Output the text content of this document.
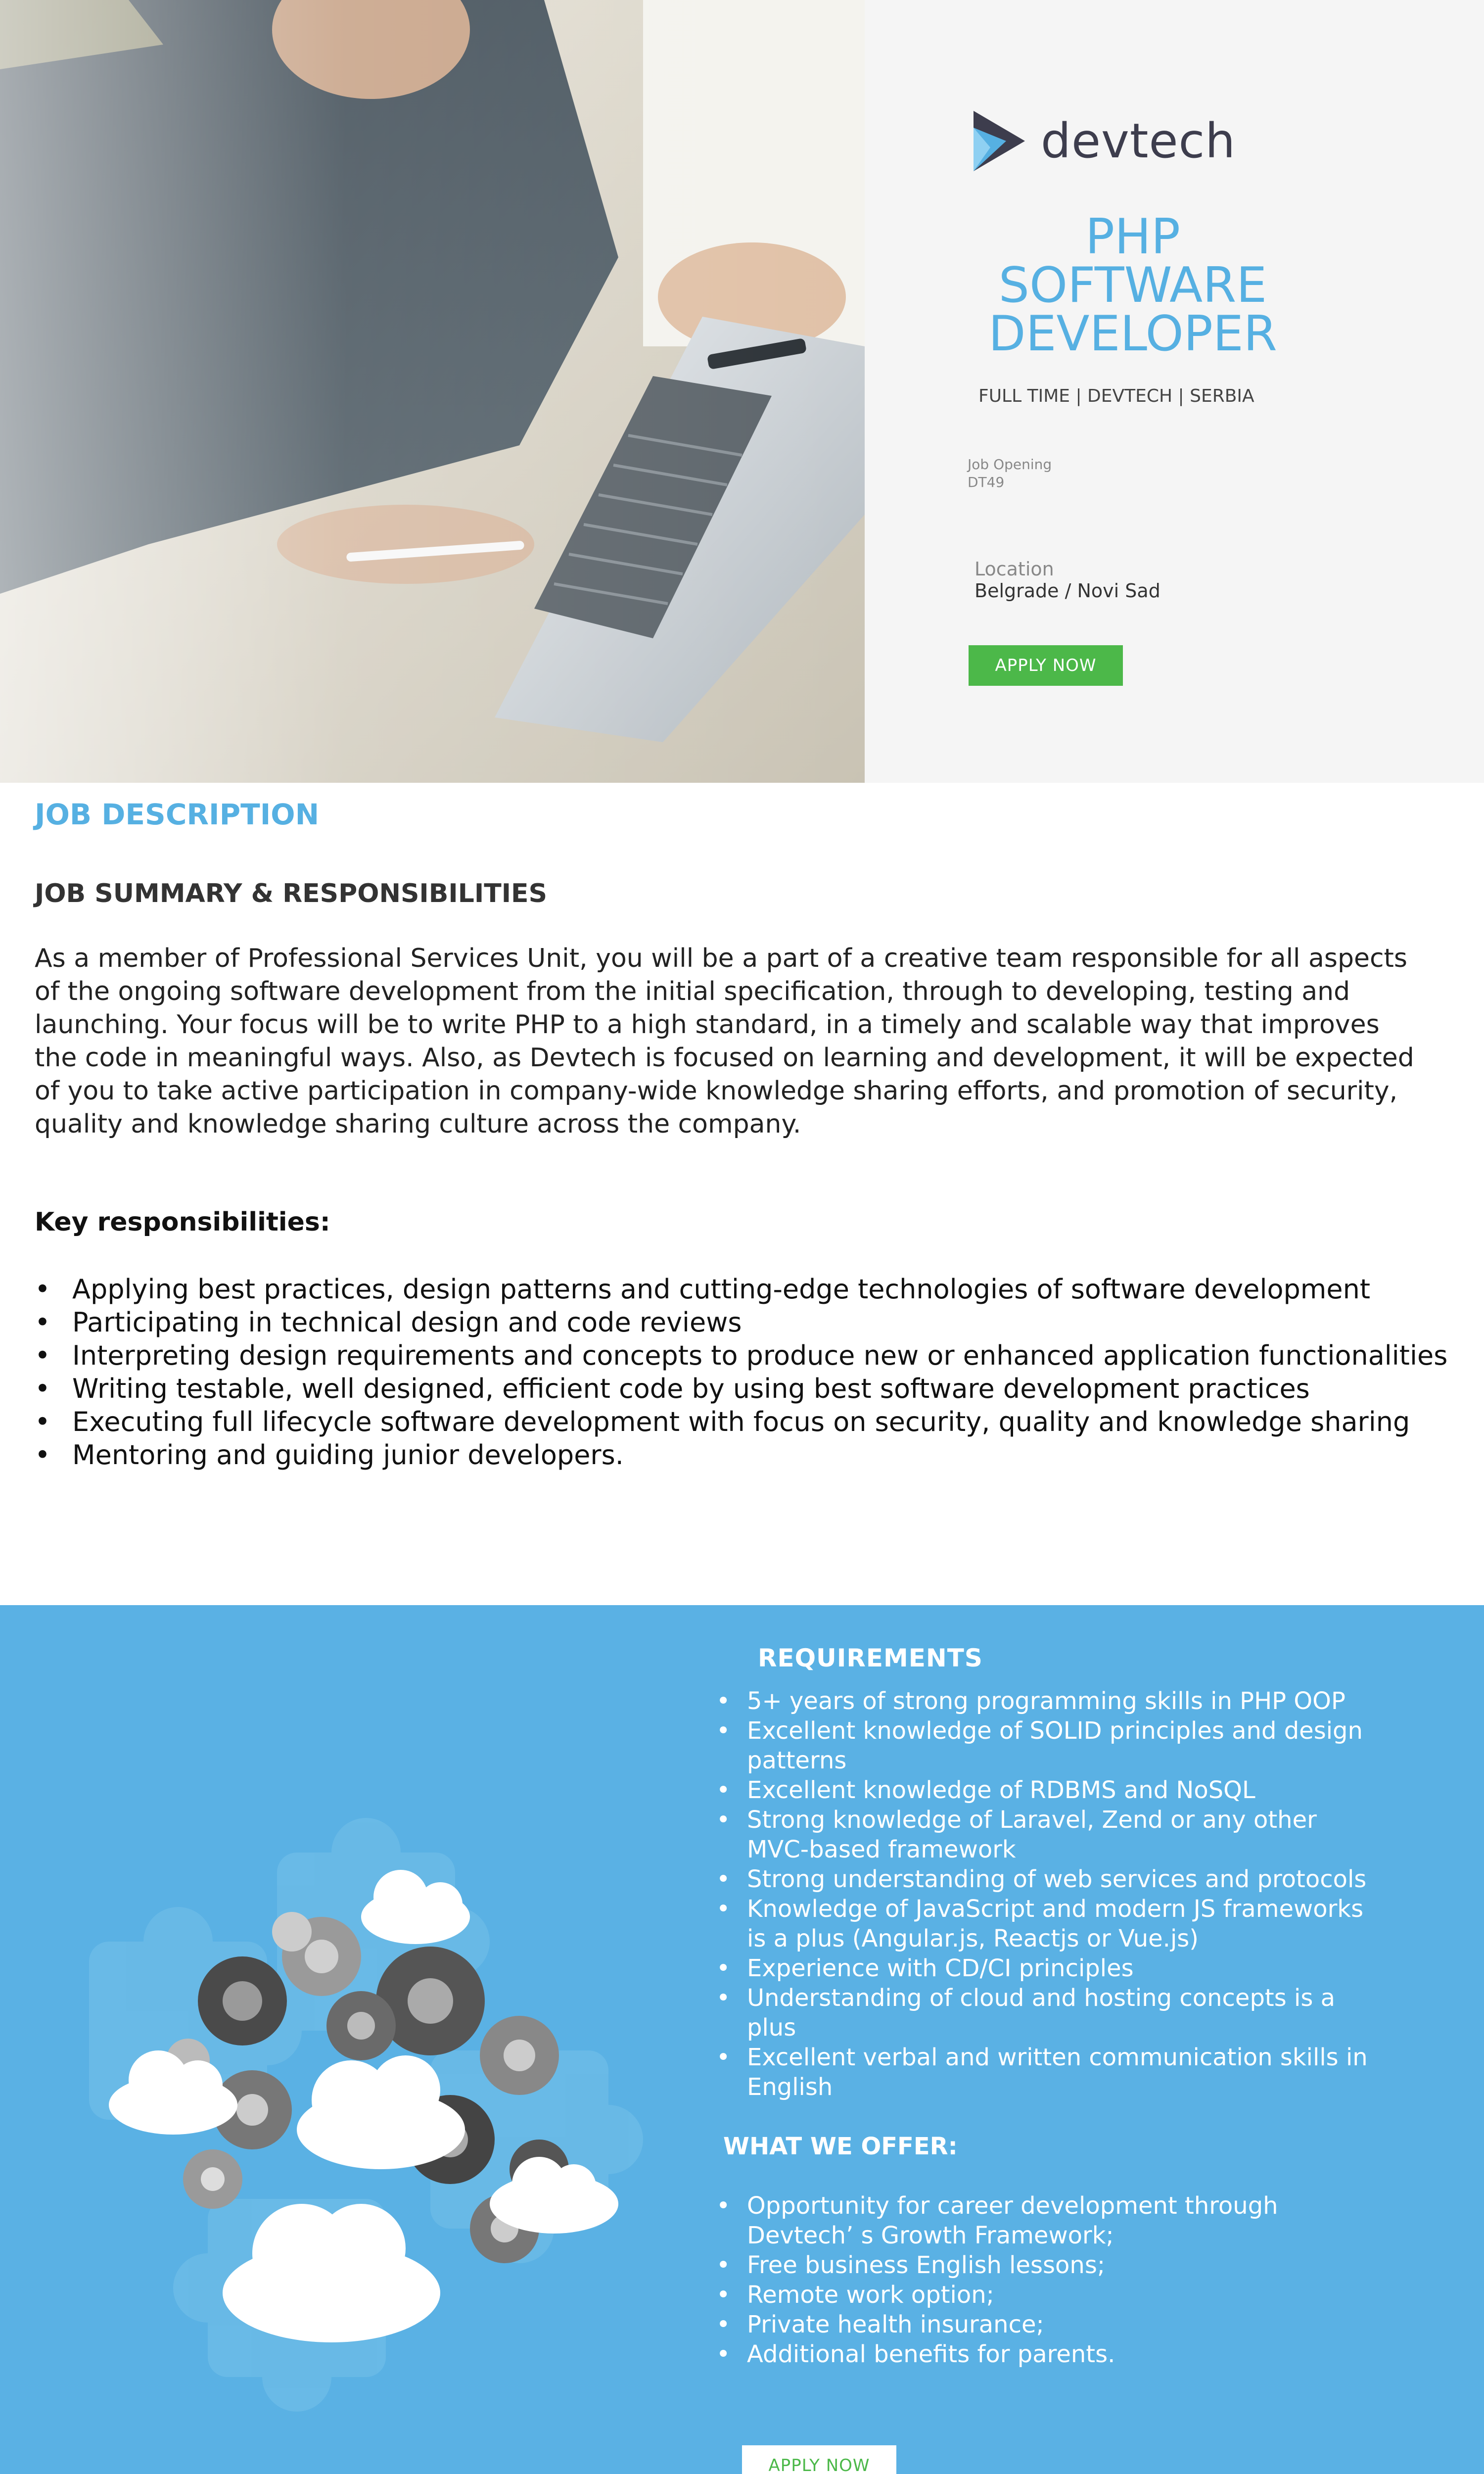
devtech
PHP
SOFTWARE
DEVELOPER
FULL TIME | DEVTECH | SERBIA
Job Opening
DT49
Location
Belgrade / Novi Sad
APPLY NOW
JOB DESCRIPTION
JOB SUMMARY & RESPONSIBILITIES

As a member of Professional Services Unit, you will be a part of a creative team responsible for all aspects of the ongoing software development from the initial specification, through to developing, testing and launching. Your focus will be to write PHP to a high standard, in a timely and scalable way that improves the code in meaningful ways. Also, as Devtech is focused on learning and development, it will be expected of you to take active participation in company-wide knowledge sharing efforts, and promotion of security, quality and knowledge sharing culture across the company.

Key responsibilities:
• Applying best practices, design patterns and cutting-edge technologies of software development
• Participating in technical design and code reviews
• Interpreting design requirements and concepts to produce new or enhanced application functionalities
• Writing testable, well designed, efficient code by using best software development practices
• Executing full lifecycle software development with focus on security, quality and knowledge sharing
• Mentoring and guiding junior developers.
REQUIREMENTS
• 5+ years of strong programming skills in PHP OOP
• Excellent knowledge of SOLID principles and design patterns
• Excellent knowledge of RDBMS and NoSQL
• Strong knowledge of Laravel, Zend or any other MVC-based framework
• Strong understanding of web services and protocols
• Knowledge of JavaScript and modern JS frameworks is a plus (Angular.js, Reactjs or Vue.js)
• Experience with CD/CI principles
• Understanding of cloud and hosting concepts is a plus
• Excellent verbal and written communication skills in English
WHAT WE OFFER:
• Opportunity for career development through Devtech’ s Growth Framework;
• Free business English lessons;
• Remote work option;
• Private health insurance;
• Additional benefits for parents.
APPLY NOW
